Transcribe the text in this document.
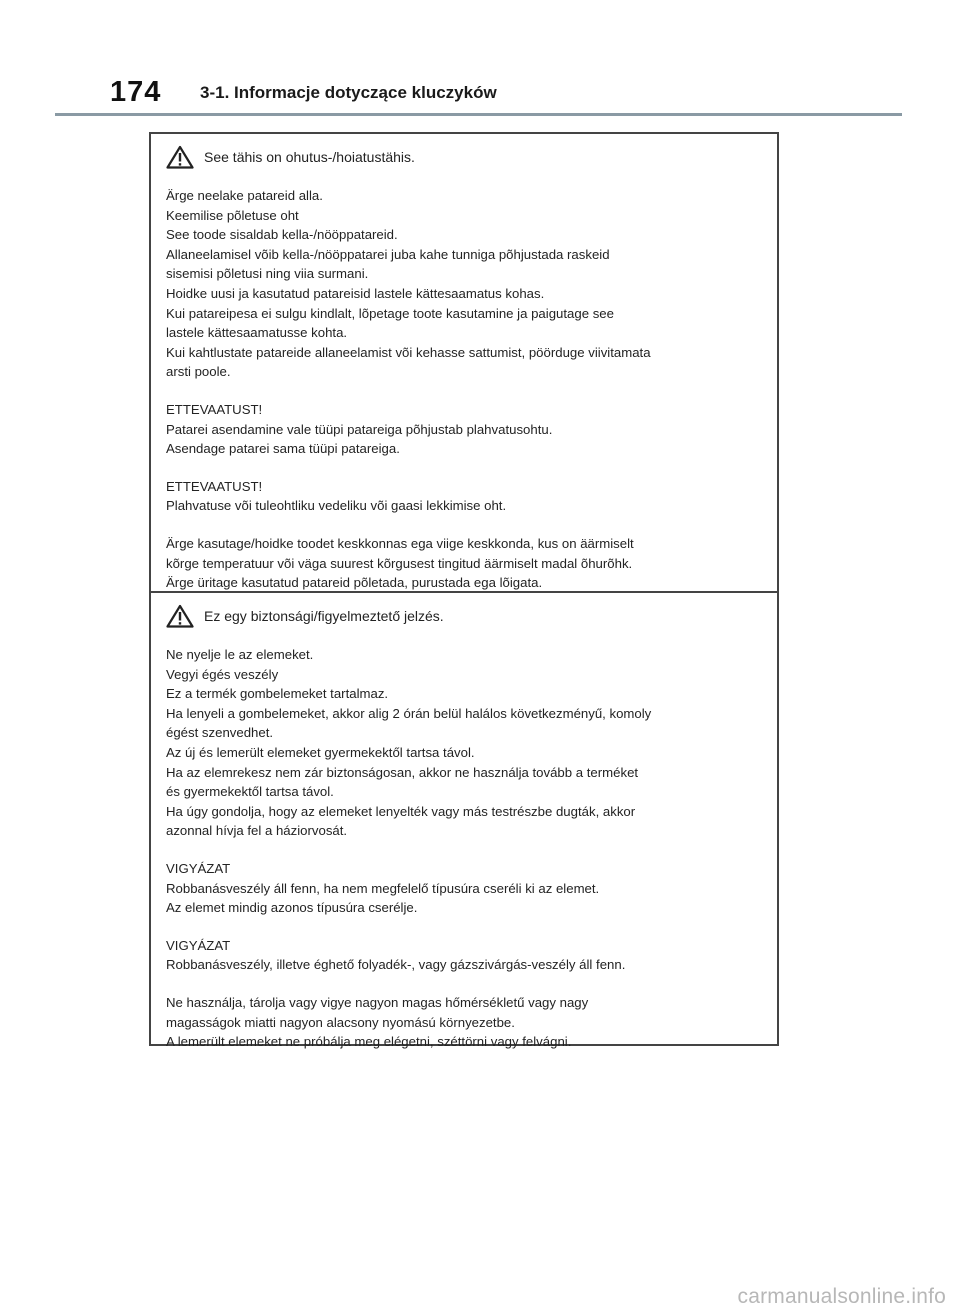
174 3-1. Informacje dotyczące kluczyków
See tähis on ohutus-/hoiatustähis.
Ärge neelake patareid alla.
Keemilise põletuse oht
See toode sisaldab kella-/nööppatareid.
Allaneelamisel võib kella-/nööppatarei juba kahe tunniga põhjustada raskeid
sisemisi põletusi ning viia surmani.
Hoidke uusi ja kasutatud patareisid lastele kättesaamatus kohas.
Kui patareipesa ei sulgu kindlalt, lõpetage toote kasutamine ja paigutage see
lastele kättesaamatusse kohta.
Kui kahtlustate patareide allaneelamist või kehasse sattumist, pöörduge viivitamata
arsti poole.
ETTEVAATUST!
Patarei asendamine vale tüüpi patareiga põhjustab plahvatusohtu.
Asendage patarei sama tüüpi patareiga.
ETTEVAATUST!
Plahvatuse või tuleohtliku vedeliku või gaasi lekkimise oht.
Ärge kasutage/hoidke toodet keskkonnas ega viige keskkonda, kus on äärmiselt
kõrge temperatuur või väga suurest kõrgusest tingitud äärmiselt madal õhurõhk.
Ärge üritage kasutatud patareid põletada, purustada ega lõigata.
Ez egy biztonsági/figyelmeztető jelzés.
Ne nyelje le az elemeket.
Vegyi égés veszély
Ez a termék gombelemeket tartalmaz.
Ha lenyeli a gombelemeket, akkor alig 2 órán belül halálos következményű, komoly
égést szenvedhet.
Az új és lemerült elemeket gyermekektől tartsa távol.
Ha az elemrekesz nem zár biztonságosan, akkor ne használja tovább a terméket
és gyermekektől tartsa távol.
Ha úgy gondolja, hogy az elemeket lenyelték vagy más testrészbe dugták, akkor
azonnal hívja fel a háziorvosát.
VIGYÁZAT
Robbanásveszély áll fenn, ha nem megfelelő típusúra cseréli ki az elemet.
Az elemet mindig azonos típusúra cserélje.
VIGYÁZAT
Robbanásveszély, illetve éghető folyadék-, vagy gázszivárgás-veszély áll fenn.
Ne használja, tárolja vagy vigye nagyon magas hőmérsékletű vagy nagy
magasságok miatti nagyon alacsony nyomású környezetbe.
A lemerült elemeket ne próbálja meg elégetni, széttörni vagy felvágni.
carmanualsonline.info
